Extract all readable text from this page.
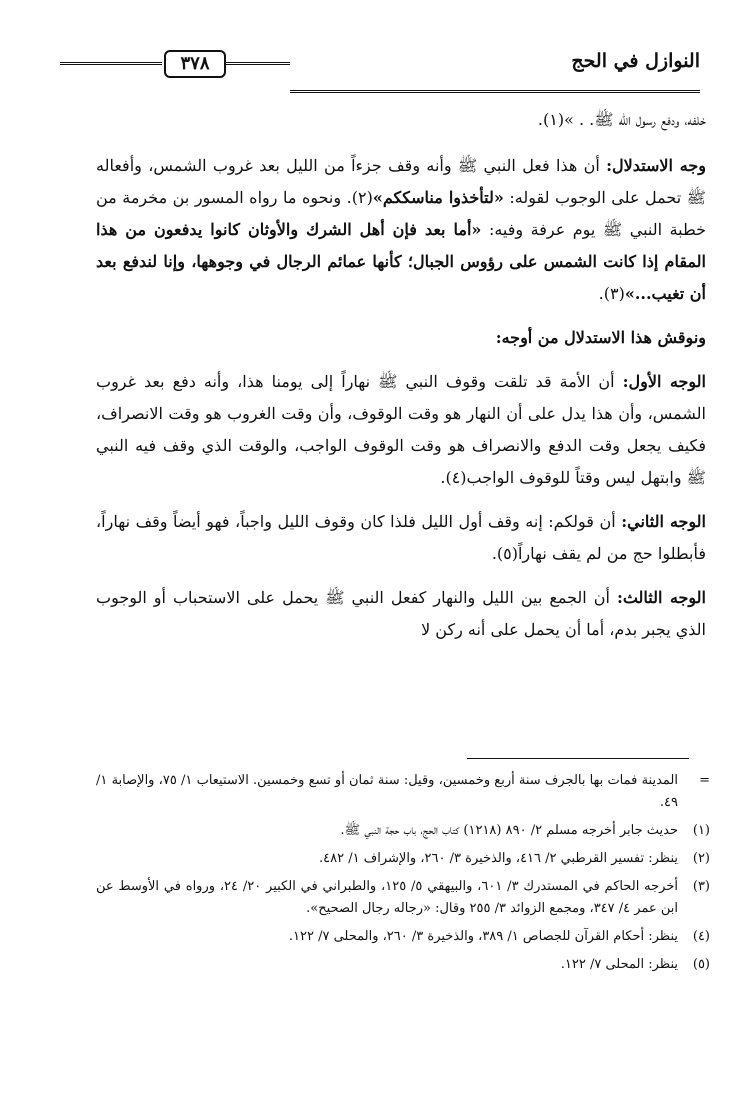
النوازل في الحج
٣٧٨

خلفه، ودفع رسول الله ﷺ. . »(١).

وجه الاستدلال: أن هذا فعل النبي ﷺ وأنه وقف جزءاً من الليل بعد غروب الشمس، وأفعاله ﷺ تحمل على الوجوب لقوله: «لتأخذوا مناسككم»(٢). ونحوه ما رواه المسور بن مخرمة من خطبة النبي ﷺ يوم عرفة وفيه: «أما بعد فإن أهل الشرك والأوثان كانوا يدفعون من هذا المقام إذا كانت الشمس على رؤوس الجبال؛ كأنها عمائم الرجال في وجوهها، وإنا لندفع بعد أن تغيب...»(٣).

ونوقش هذا الاستدلال من أوجه:

الوجه الأول: أن الأمة قد تلقت وقوف النبي ﷺ نهاراً إلى يومنا هذا، وأنه دفع بعد غروب الشمس، وأن هذا يدل على أن النهار هو وقت الوقوف، وأن وقت الغروب هو وقت الانصراف، فكيف يجعل وقت الدفع والانصراف هو وقت الوقوف الواجب، والوقت الذي وقف فيه النبي ﷺ وابتهل ليس وقتاً للوقوف الواجب(٤).

الوجه الثاني: أن قولكم: إنه وقف أول الليل فلذا كان وقوف الليل واجباً، فهو أيضاً وقف نهاراً، فأبطلوا حج من لم يقف نهاراً(٥).

الوجه الثالث: أن الجمع بين الليل والنهار كفعل النبي ﷺ يحمل على الاستحباب أو الوجوب الذي يجبر بدم، أما أن يحمل على أنه ركن لا

=
المدينة فمات بها بالجرف سنة أربع وخمسين، وقيل: سنة ثمان أو تسع وخمسين. الاستيعاب ١/ ٧٥، والإصابة ١/ ٤٩.
(١)
حديث جابر أخرجه مسلم ٢/ ٨٩٠ (١٢١٨) كتاب الحج، باب حجة النبي ﷺ.
(٢)
ينظر: تفسير القرطبي ٢/ ٤١٦، والذخيرة ٣/ ٢٦٠، والإشراف ١/ ٤٨٢.
(٣)
أخرجه الحاكم في المستدرك ٣/ ٦٠١، والبيهقي ٥/ ١٢٥، والطبراني في الكبير ٢٠/ ٢٤، ورواه في الأوسط عن ابن عمر ٤/ ٣٤٧، ومجمع الزوائد ٣/ ٢٥٥ وقال: «رجاله رجال الصحيح».
(٤)
ينظر: أحكام القرآن للجصاص ١/ ٣٨٩، والذخيرة ٣/ ٢٦٠، والمحلى ٧/ ١٢٢.
(٥)
ينظر: المحلى ٧/ ١٢٢.
